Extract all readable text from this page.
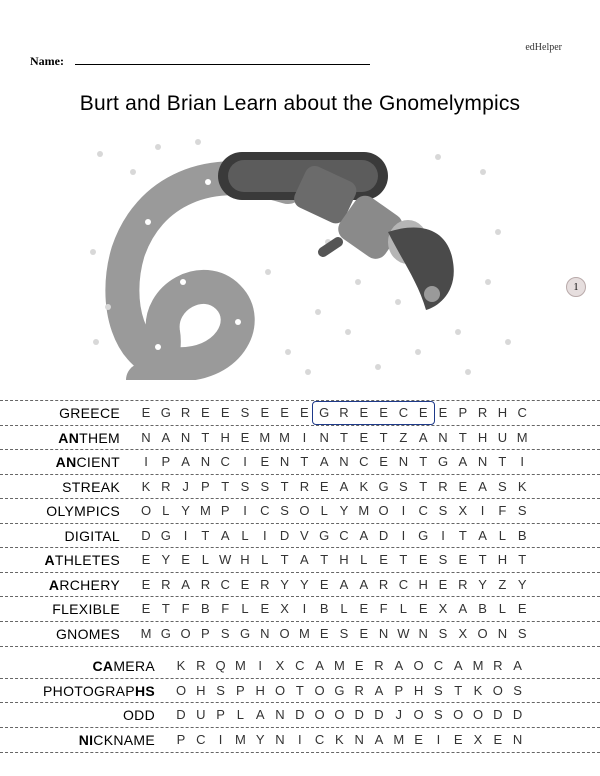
edHelper
Name:
Burt and Brian Learn about the Gnomelympics
1
GREECE E G R E E S E E E G R E E C E E P R H C
ANTHEM N A N T H E M M I	N T E T Z A N T H U M
ANCIENT	I	P A N C	I	E N T A N C E N T G A N T	I
STREAK K R J P T S S T R E A K G S T R E A S K
OLYMPICS O L Y M P	I	C S O L Y M O I	C S X	I	F S
DIGITAL D G I	T A L	I	D V G C A D	I G I	T A L B
ATHLETES E Y E L W H L T A T H L E T E S E T H T
ARCHERY E R A R C E R Y Y E A A R C H E R Y Z Y
FLEXIBLE E T F B F L E X	I	B L E F L E X A B L E
GNOMES M G O P S G N O M E S E N W N S X O N S
CAMERA K R Q M I	X C A M E R A O C A M R A
PHOTOGRAPHS O H S P H O T O G R A P H S T K O S
ODD D U P L A N D O O D D J O S O O D D
NICKNAME P C	I M Y N	I	C K N A M E	I	E X E N
